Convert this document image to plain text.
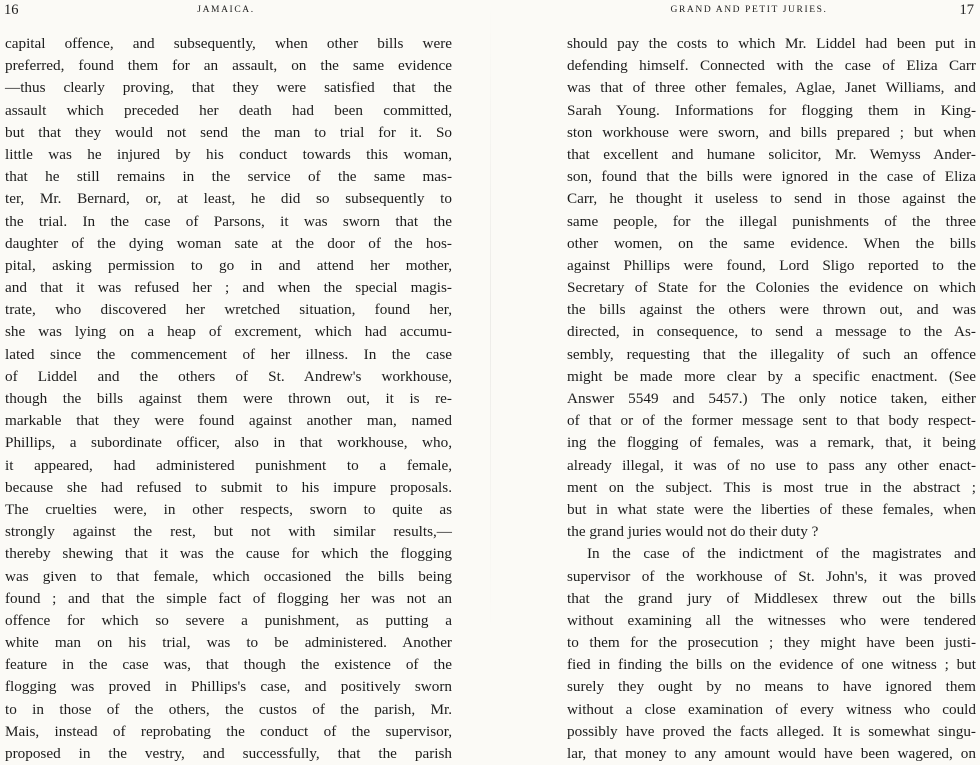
16	JAMAICA.
capital offence, and subsequently, when other bills were
preferred, found them for an assault, on the same evidence
—thus clearly proving, that they were satisfied that the
assault which preceded her death had been committed,
but that they would not send the man to trial for it. So
little was he injured by his conduct towards this woman,
that he still remains in the service of the same mas-
ter, Mr. Bernard, or, at least, he did so subsequently to
the trial. In the case of Parsons, it was sworn that the
daughter of the dying woman sate at the door of the hos-
pital, asking permission to go in and attend her mother,
and that it was refused her ; and when the special magis-
trate, who discovered her wretched situation, found her,
she was lying on a heap of excrement, which had accumu-
lated since the commencement of her illness. In the case
of Liddel and the others of St. Andrew's workhouse,
though the bills against them were thrown out, it is re-
markable that they were found against another man, named
Phillips, a subordinate officer, also in that workhouse, who,
it appeared, had administered punishment to a female,
because she had refused to submit to his impure proposals.
The cruelties were, in other respects, sworn to quite as
strongly against the rest, but not with similar results,—
thereby shewing that it was the cause for which the flogging
was given to that female, which occasioned the bills being
found ; and that the simple fact of flogging her was not an
offence for which so severe a punishment, as putting a
white man on his trial, was to be administered. Another
feature in the case was, that though the existence of the
flogging was proved in Phillips's case, and positively sworn
to in those of the others, the custos of the parish, Mr.
Mais, instead of reprobating the conduct of the supervisor,
proposed in the vestry, and successfully, that the parish
GRAND AND PETIT JURIES.	17
should pay the costs to which Mr. Liddel had been put in
defending himself. Connected with the case of Eliza Carr
was that of three other females, Aglae, Janet Williams, and
Sarah Young. Informations for flogging them in King-
ston workhouse were sworn, and bills prepared ; but when
that excellent and humane solicitor, Mr. Wemyss Ander-
son, found that the bills were ignored in the case of Eliza
Carr, he thought it useless to send in those against the
same people, for the illegal punishments of the three
other women, on the same evidence. When the bills
against Phillips were found, Lord Sligo reported to the
Secretary of State for the Colonies the evidence on which
the bills against the others were thrown out, and was
directed, in consequence, to send a message to the As-
sembly, requesting that the illegality of such an offence
might be made more clear by a specific enactment. (See
Answer 5549 and 5457.) The only notice taken, either
of that or of the former message sent to that body respect-
ing the flogging of females, was a remark, that, it being
already illegal, it was of no use to pass any other enact-
ment on the subject. This is most true in the abstract ;
but in what state were the liberties of these females, when
the grand juries would not do their duty ?
In the case of the indictment of the magistrates and
supervisor of the workhouse of St. John's, it was proved
that the grand jury of Middlesex threw out the bills
without examining all the witnesses who were tendered
to them for the prosecution ; they might have been justi-
fied in finding the bills on the evidence of one witness ; but
surely they ought by no means to have ignored them
without a close examination of every witness who could
possibly have proved the facts alleged. It is somewhat singu-
lar, that money to any amount would have been wagered, on
